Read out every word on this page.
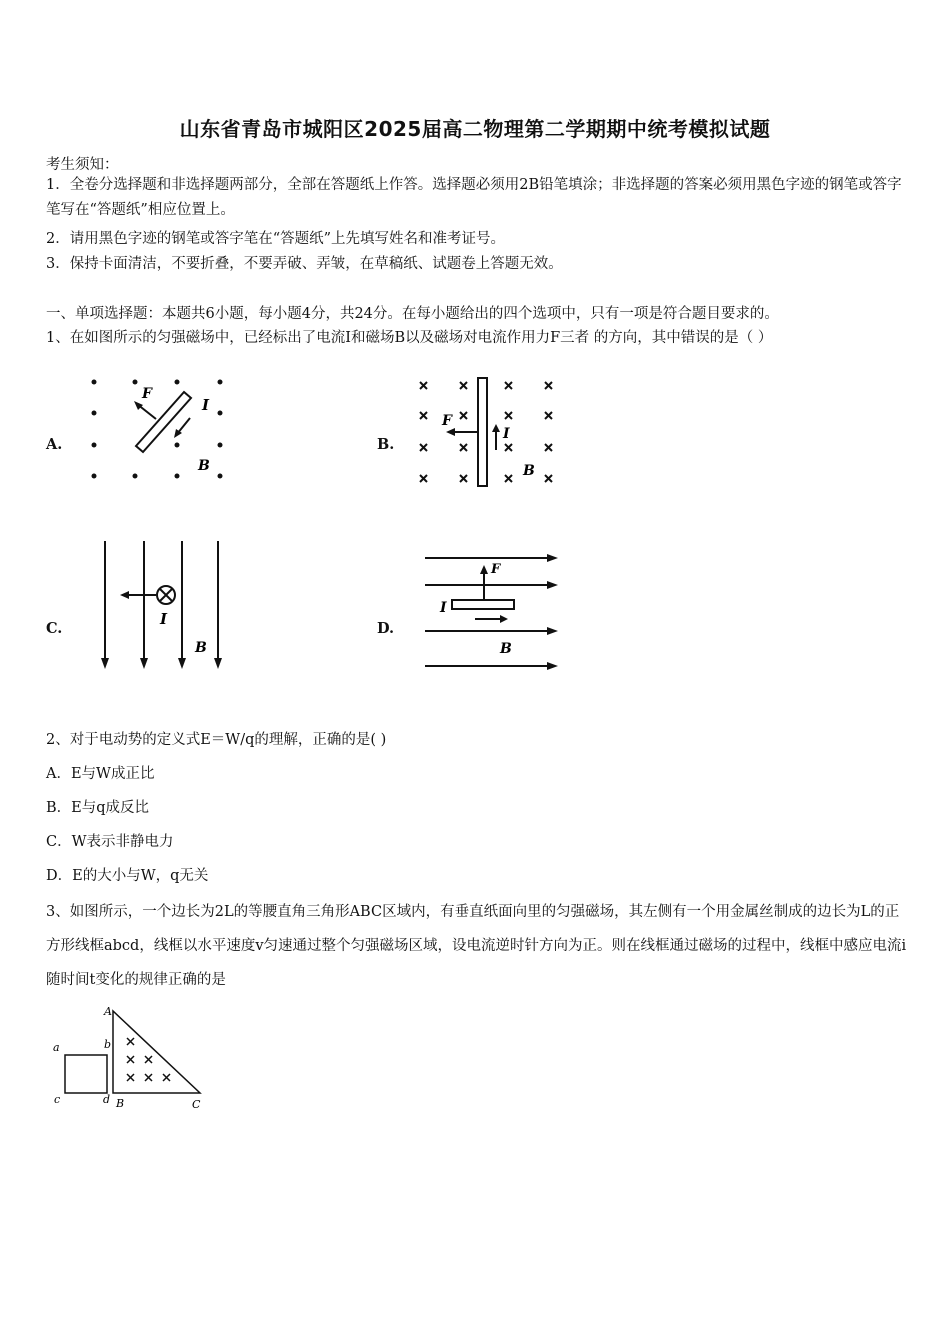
山东省青岛市城阳区2025届高二物理第二学期期中统考模拟试题
考生须知：
1．全卷分选择题和非选择题两部分，全部在答题纸上作答。选择题必须用2B铅笔填涂；非选择题的答案必须用黑色字迹的钢笔或答字笔写在“答题纸”相应位置上。
2．请用黑色字迹的钢笔或答字笔在“答题纸”上先填写姓名和准考证号。
3．保持卡面清洁，不要折叠，不要弄破、弄皱，在草稿纸、试题卷上答题无效。
一、单项选择题：本题共6小题，每小题4分，共24分。在每小题给出的四个选项中，只有一项是符合题目要求的。
1、在如图所示的匀强磁场中，已经标出了电流I和磁场B以及磁场对电流作用力F三者 的方向，其中错误的是（ ）
A.	B.
C.	D.
F
I
B
F
I
B
I
B
F
I
B
2、对于电动势的定义式E＝W/q的理解，正确的是( )
A．E与W成正比
B．E与q成反比
C．W表示非静电力
D．E的大小与W，q无关
3、如图所示，一个边长为2L的等腰直角三角形ABC区域内，有垂直纸面向里的匀强磁场，其左侧有一个用金属丝制成的边长为L的正方形线框abcd，线框以水平速度v匀速通过整个匀强磁场区域，设电流逆时针方向为正。则在线框通过磁场的过程中，线框中感应电流i随时间t变化的规律正确的是
A
B	C
a	b
c	d
